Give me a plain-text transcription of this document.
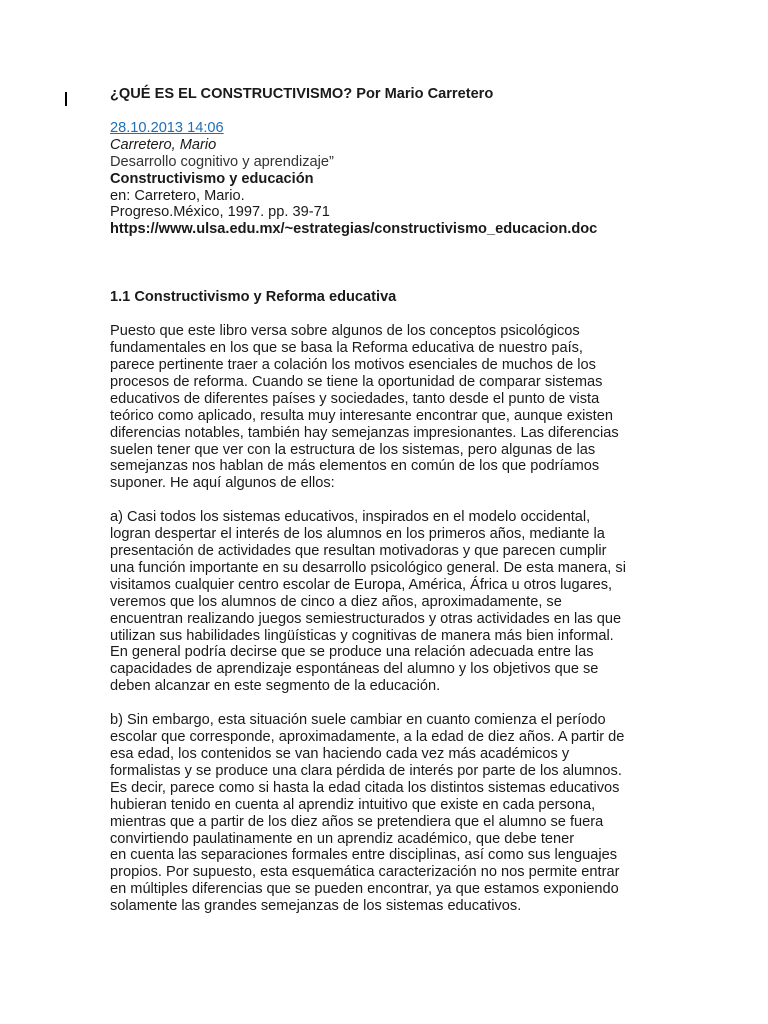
¿QUÉ ES EL CONSTRUCTIVISMO? Por Mario Carretero
28.10.2013 14:06
Carretero, Mario
Desarrollo cognitivo y aprendizaje”
Constructivismo y educación
en: Carretero, Mario.
Progreso.México, 1997. pp. 39-71
https://www.ulsa.edu.mx/~estrategias/constructivismo_educacion.doc
1.1 Constructivismo y Reforma educativa
Puesto que este libro versa sobre algunos de los conceptos psicológicos
fundamentales en los que se basa la Reforma educativa de nuestro país,
parece pertinente traer a colación los motivos esenciales de muchos de los
procesos de reforma. Cuando se tiene la oportunidad de comparar sistemas
educativos de diferentes países y sociedades, tanto desde el punto de vista
teórico como aplicado, resulta muy interesante encontrar que, aunque existen
diferencias notables, también hay semejanzas impresionantes. Las diferencias
suelen tener que ver con la estructura de los sistemas, pero algunas de las
semejanzas nos hablan de más elementos en común de los que podríamos
suponer. He aquí algunos de ellos:
a) Casi todos los sistemas educativos, inspirados en el modelo occidental,
logran despertar el interés de los alumnos en los primeros años, mediante la
presentación de actividades que resultan motivadoras y que parecen cumplir
una función importante en su desarrollo psicológico general. De esta manera, si
visitamos cualquier centro escolar de Europa, América, África u otros lugares,
veremos que los alumnos de cinco a diez años, aproximadamente, se
encuentran realizando juegos semiestructurados y otras actividades en las que
utilizan sus habilidades lingüísticas y cognitivas de manera más bien informal.
En general podría decirse que se produce una relación adecuada entre las
capacidades de aprendizaje espontáneas del alumno y los objetivos que se
deben alcanzar en este segmento de la educación.
b) Sin embargo, esta situación suele cambiar en cuanto comienza el período
escolar que corresponde, aproximadamente, a la edad de diez años. A partir de
esa edad, los contenidos se van haciendo cada vez más académicos y
formalistas y se produce una clara pérdida de interés por parte de los alumnos.
Es decir, parece como si hasta la edad citada los distintos sistemas educativos
hubieran tenido en cuenta al aprendiz intuitivo que existe en cada persona,
mientras que a partir de los diez años se pretendiera que el alumno se fuera
convirtiendo paulatinamente en un aprendiz académico, que debe tener
en cuenta las separaciones formales entre disciplinas, así como sus lenguajes
propios. Por supuesto, esta esquemática caracterización no nos permite entrar
en múltiples diferencias que se pueden encontrar, ya que estamos exponiendo
solamente las grandes semejanzas de los sistemas educativos.
